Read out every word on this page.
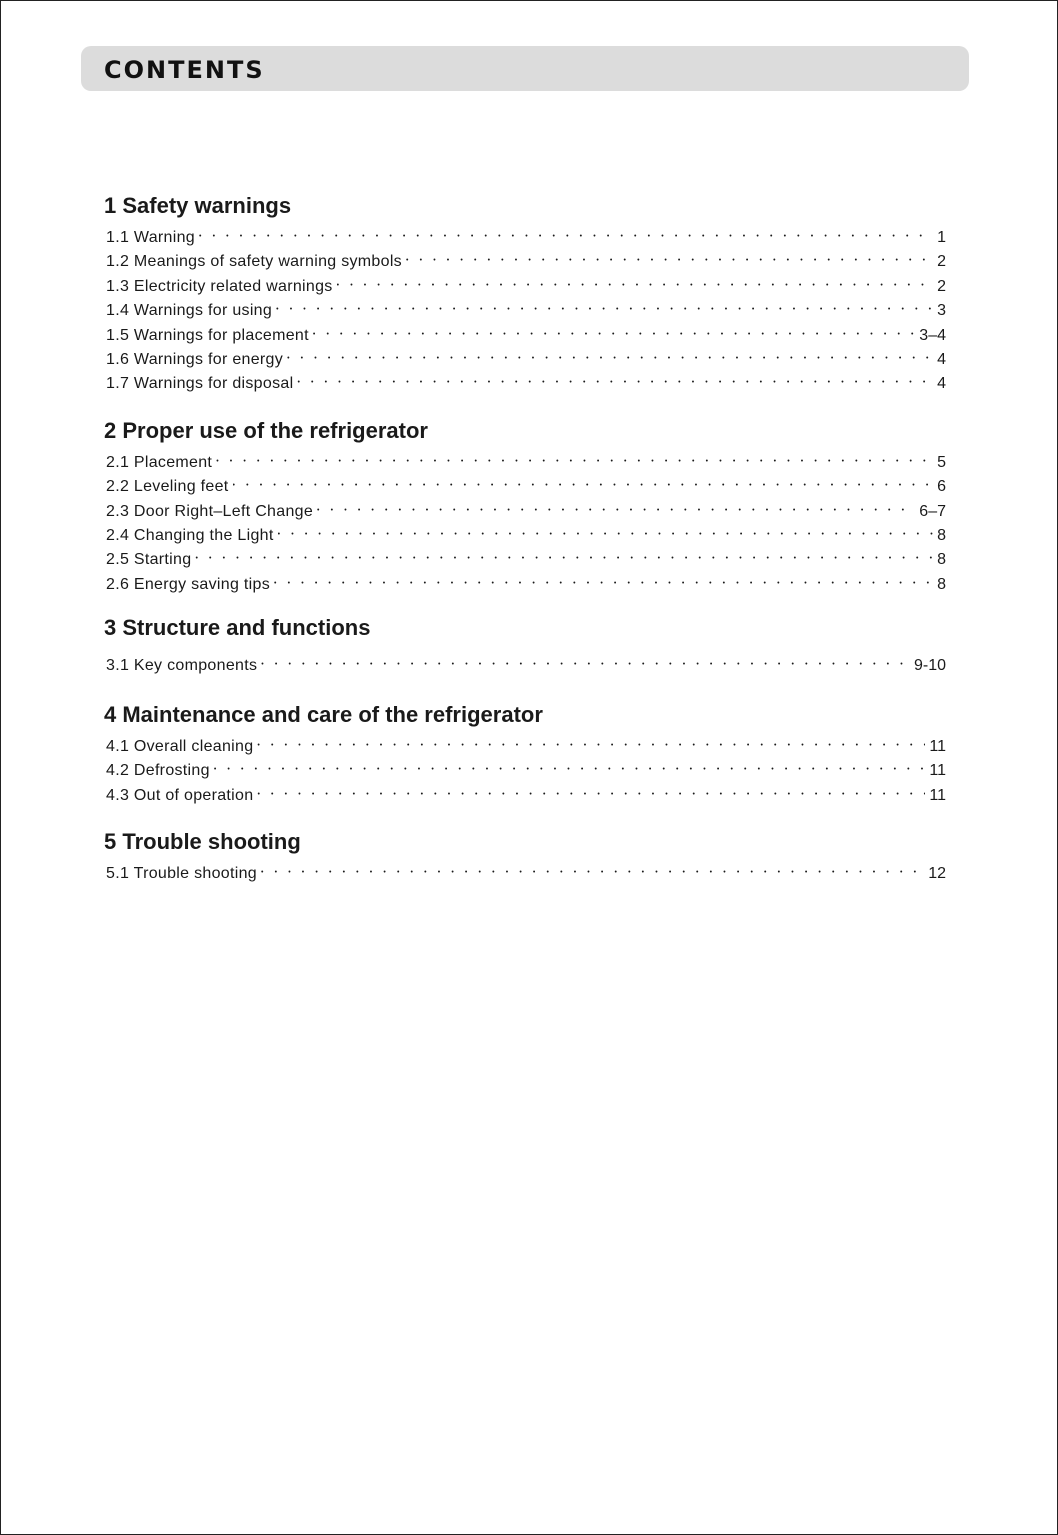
CONTENTS
1 Safety warnings
1.1 Warning • • •	1
1.2 Meanings of safety warning symbols • • •	2
1.3 Electricity related warnings • • •	2
1.4 Warnings for using • • •	3
1.5 Warnings for placement • • •	3–4
1.6 Warnings for energy • • •	4
1.7 Warnings for disposal • • •	4
2 Proper use of the refrigerator
2.1 Placement • • •	5
2.2 Leveling feet • • •	6
2.3 Door Right–Left Change • • •	6–7
2.4 Changing the Light • • •	8
2.5 Starting • • •	8
2.6 Energy saving tips • • •	8
3 Structure and functions
3.1 Key components • • •	9-10
4 Maintenance and care of the refrigerator
4.1 Overall cleaning • • •	11
4.2 Defrosting • • •	11
4.3 Out of operation • • •	11
5 Trouble shooting
5.1 Trouble shooting • • •	12
